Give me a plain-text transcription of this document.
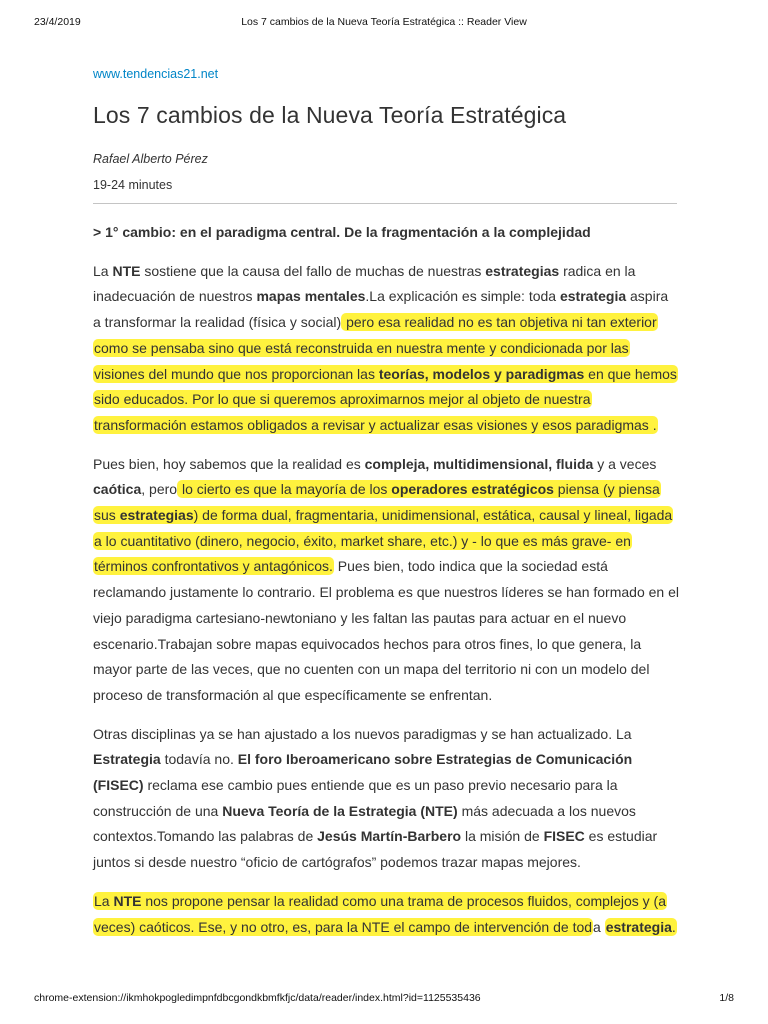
23/4/2019	Los 7 cambios de la Nueva Teoría Estratégica :: Reader View
www.tendencias21.net
Los 7 cambios de la Nueva Teoría Estratégica
Rafael Alberto Pérez
19-24 minutes

> 1° cambio: en el paradigma central. De la fragmentación a la complejidad

La NTE sostiene que la causa del fallo de muchas de nuestras estrategias radica en la inadecuación de nuestros mapas mentales.La explicación es simple: toda estrategia aspira a transformar la realidad (física y social) pero esa realidad no es tan objetiva ni tan exterior como se pensaba sino que está reconstruida en nuestra mente y condicionada por las visiones del mundo que nos proporcionan las teorías, modelos y paradigmas en que hemos sido educados. Por lo que si queremos aproximarnos mejor al objeto de nuestra transformación estamos obligados a revisar y actualizar esas visiones y esos paradigmas .

Pues bien, hoy sabemos que la realidad es compleja, multidimensional, fluida y a veces caótica, pero lo cierto es que la mayoría de los operadores estratégicos piensa (y piensa sus estrategias) de forma dual, fragmentaria, unidimensional, estática, causal y lineal, ligada a lo cuantitativo (dinero, negocio, éxito, market share, etc.) y - lo que es más grave- en términos confrontativos y antagónicos. Pues bien, todo indica que la sociedad está reclamando justamente lo contrario. El problema es que nuestros líderes se han formado en el viejo paradigma cartesiano-newtoniano y les faltan las pautas para actuar en el nuevo escenario.Trabajan sobre mapas equivocados hechos para otros fines, lo que genera, la mayor parte de las veces, que no cuenten con un mapa del territorio ni con un modelo del proceso de transformación al que específicamente se enfrentan.

Otras disciplinas ya se han ajustado a los nuevos paradigmas y se han actualizado. La Estrategia todavía no. El foro Iberoamericano sobre Estrategias de Comunicación (FISEC) reclama ese cambio pues entiende que es un paso previo necesario para la construcción de una Nueva Teoría de la Estrategia (NTE) más adecuada a los nuevos contextos.Tomando las palabras de Jesús Martín-Barbero la misión de FISEC es estudiar juntos si desde nuestro “oficio de cartógrafos” podemos trazar mapas mejores.

La NTE nos propone pensar la realidad como una trama de procesos fluidos, complejos y (a veces) caóticos. Ese, y no otro, es, para la NTE el campo de intervención de toda estrategia.

chrome-extension://ikmhokpogledimpnfdbcgondkbmfkfjc/data/reader/index.html?id=1125535436	1/8
